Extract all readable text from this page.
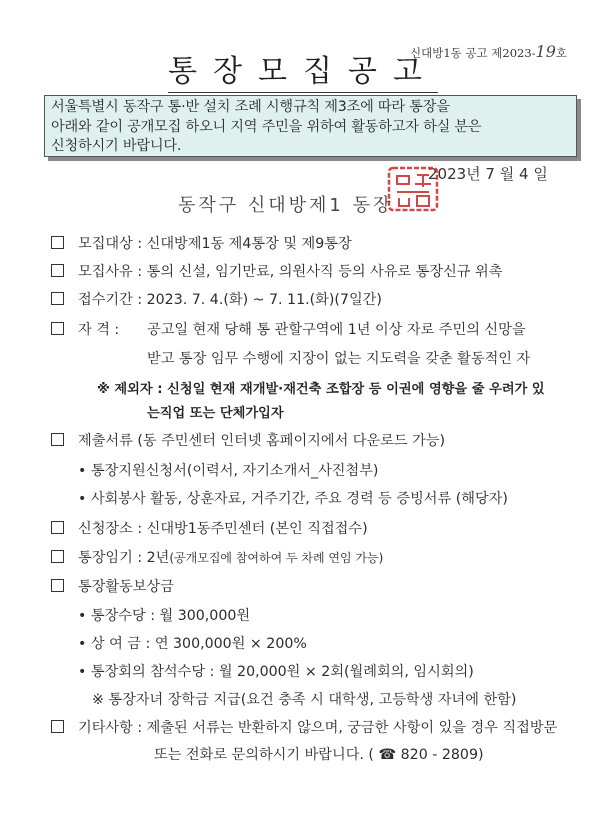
신대방1동 공고 제2023-19호
통장모집공고
서울특별시 동작구 통·반 설치 조례 시행규칙 제3조에 따라 통장을
아래와 같이 공개모집 하오니 지역 주민을 위하여 활동하고자 하실 분은
신청하시기 바랍니다.
2023년 7 월 4 일
동작구 신대방제1 동장
모집대상 : 신대방제1동 제4통장 및 제9통장
모집사유 : 통의 신설, 임기만료, 의원사직 등의 사유로 통장신규 위촉
접수기간 : 2023. 7. 4.(화) ~ 7. 11.(화)(7일간)
자 격 : 공고일 현재 당해 통 관할구역에 1년 이상 자로 주민의 신망을
받고 통장 임무 수행에 지장이 없는 지도력을 갖춘 활동적인 자
※ 제외자 : 신청일 현재 재개발·재건축 조합장 등 이권에 영향을 줄 우려가 있
는직업 또는 단체가입자
제출서류 (동 주민센터 인터넷 홈페이지에서 다운로드 가능)
• 통장지원신청서(이력서, 자기소개서_사진첨부)
• 사회봉사 활동, 상훈자료, 거주기간, 주요 경력 등 증빙서류 (해당자)
신청장소 : 신대방1동주민센터 (본인 직접접수)
통장임기 : 2년(공개모집에 참여하여 두 차례 연임 가능)
통장활동보상금
• 통장수당 : 월 300,000원
• 상 여 금 : 연 300,000원 × 200%
• 통장회의 참석수당 : 월 20,000원 × 2회(월례회의, 임시회의)
※ 통장자녀 장학금 지급(요건 충족 시 대학생, 고등학생 자녀에 한함)
기타사항 : 제출된 서류는 반환하지 않으며, 궁금한 사항이 있을 경우 직접방문
또는 전화로 문의하시기 바랍니다. ( ☎ 820 - 2809)
